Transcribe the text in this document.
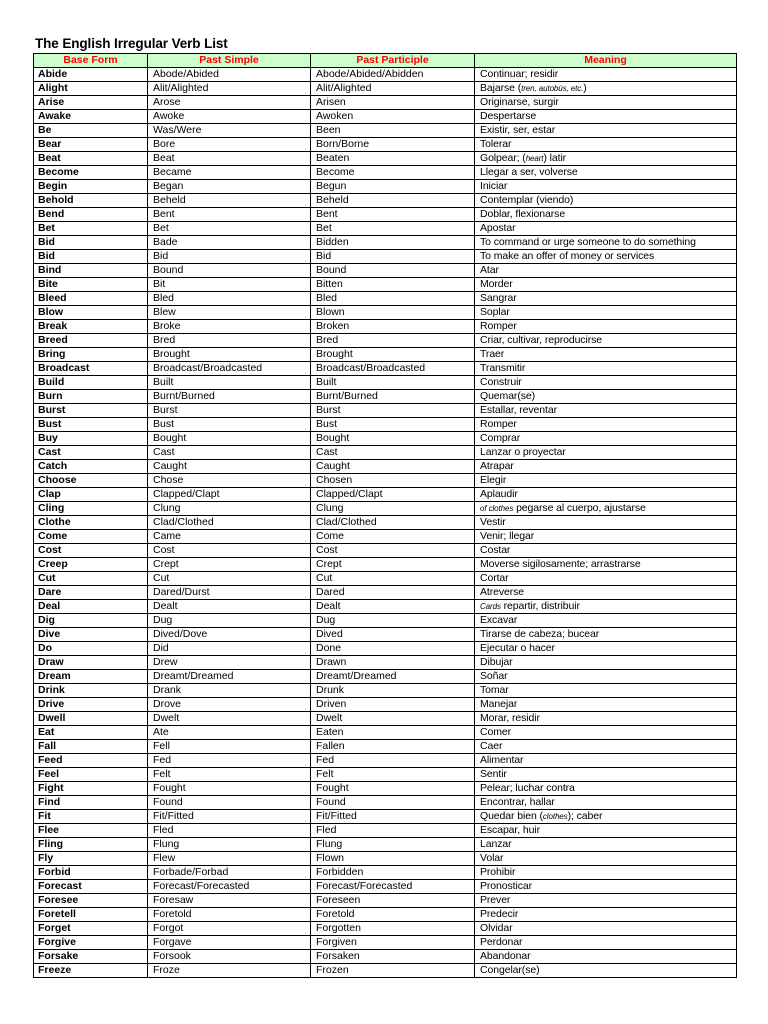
The English Irregular Verb List
Base Form	Past Simple	Past Participle	Meaning
Abide	Abode/Abided	Abode/Abided/Abidden	Continuar; residir
Alight	Alit/Alighted	Alit/Alighted	Bajarse (tren, autobús, etc.)
Arise	Arose	Arisen	Originarse, surgir
Awake	Awoke	Awoken	Despertarse
Be	Was/Were	Been	Existir, ser, estar
Bear	Bore	Born/Borne	Tolerar
Beat	Beat	Beaten	Golpear; (heart) latir
Become	Became	Become	Llegar a ser, volverse
Begin	Began	Begun	Iniciar
Behold	Beheld	Beheld	Contemplar (viendo)
Bend	Bent	Bent	Doblar, flexionarse
Bet	Bet	Bet	Apostar
Bid	Bade	Bidden	To command or urge someone to do something
Bid	Bid	Bid	To make an offer of money or services
Bind	Bound	Bound	Atar
Bite	Bit	Bitten	Morder
Bleed	Bled	Bled	Sangrar
Blow	Blew	Blown	Soplar
Break	Broke	Broken	Romper
Breed	Bred	Bred	Criar, cultivar, reproducirse
Bring	Brought	Brought	Traer
Broadcast	Broadcast/Broadcasted	Broadcast/Broadcasted	Transmitir
Build	Built	Built	Construir
Burn	Burnt/Burned	Burnt/Burned	Quemar(se)
Burst	Burst	Burst	Estallar, reventar
Bust	Bust	Bust	Romper
Buy	Bought	Bought	Comprar
Cast	Cast	Cast	Lanzar o proyectar
Catch	Caught	Caught	Atrapar
Choose	Chose	Chosen	Elegir
Clap	Clapped/Clapt	Clapped/Clapt	Aplaudir
Cling	Clung	Clung	of clothes pegarse al cuerpo, ajustarse
Clothe	Clad/Clothed	Clad/Clothed	Vestir
Come	Came	Come	Venir; llegar
Cost	Cost	Cost	Costar
Creep	Crept	Crept	Moverse sigilosamente; arrastrarse
Cut	Cut	Cut	Cortar
Dare	Dared/Durst	Dared	Atreverse
Deal	Dealt	Dealt	Cards repartir, distribuir
Dig	Dug	Dug	Excavar
Dive	Dived/Dove	Dived	Tirarse de cabeza; bucear
Do	Did	Done	Ejecutar o hacer
Draw	Drew	Drawn	Dibujar
Dream	Dreamt/Dreamed	Dreamt/Dreamed	Soñar
Drink	Drank	Drunk	Tomar
Drive	Drove	Driven	Manejar
Dwell	Dwelt	Dwelt	Morar, residir
Eat	Ate	Eaten	Comer
Fall	Fell	Fallen	Caer
Feed	Fed	Fed	Alimentar
Feel	Felt	Felt	Sentir
Fight	Fought	Fought	Pelear; luchar contra
Find	Found	Found	Encontrar, hallar
Fit	Fit/Fitted	Fit/Fitted	Quedar bien (clothes); caber
Flee	Fled	Fled	Escapar, huir
Fling	Flung	Flung	Lanzar
Fly	Flew	Flown	Volar
Forbid	Forbade/Forbad	Forbidden	Prohibir
Forecast	Forecast/Forecasted	Forecast/Forecasted	Pronosticar
Foresee	Foresaw	Foreseen	Prever
Foretell	Foretold	Foretold	Predecir
Forget	Forgot	Forgotten	Olvidar
Forgive	Forgave	Forgiven	Perdonar
Forsake	Forsook	Forsaken	Abandonar
Freeze	Froze	Frozen	Congelar(se)
